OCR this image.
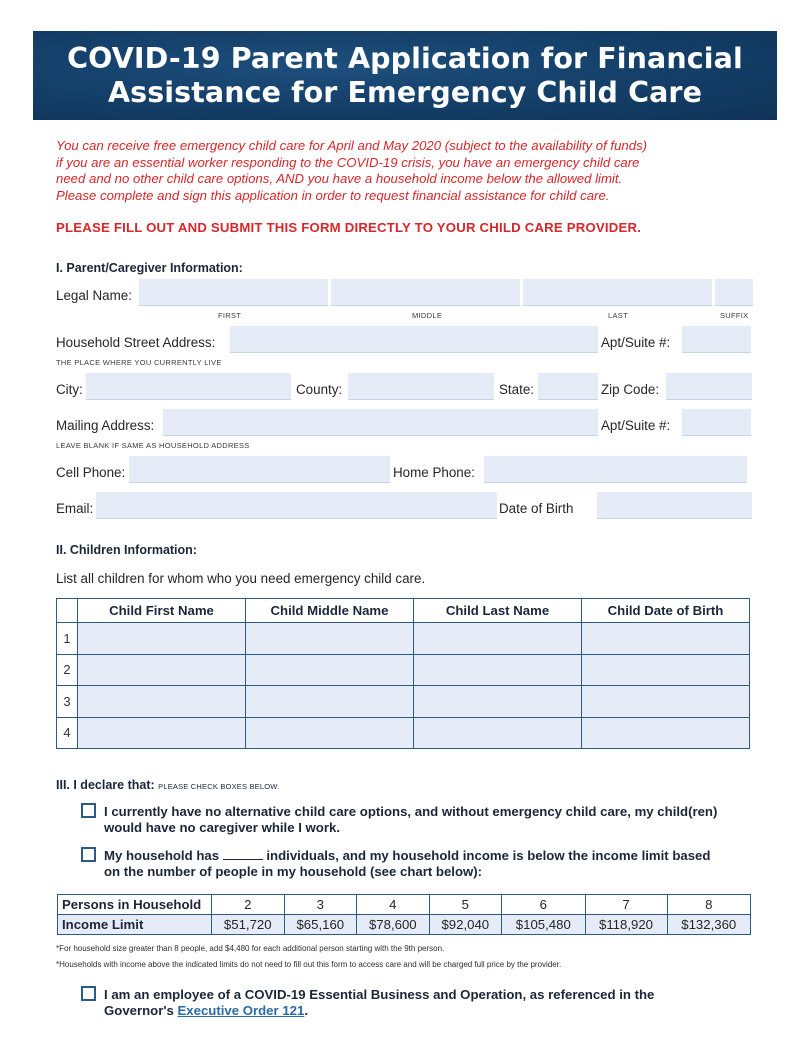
COVID-19 Parent Application for Financial
Assistance for Emergency Child Care
You can receive free emergency child care for April and May 2020 (subject to the availability of funds)
if you are an essential worker responding to the COVID-19 crisis, you have an emergency child care
need and no other child care options, AND you have a household income below the allowed limit.
Please complete and sign this application in order to request financial assistance for child care.
PLEASE FILL OUT AND SUBMIT THIS FORM DIRECTLY TO YOUR CHILD CARE PROVIDER.
I. Parent/Caregiver Information:
Legal Name:
FIRST	MIDDLE	LAST	SUFFIX
Household Street Address:	Apt/Suite #:
THE PLACE WHERE YOU CURRENTLY LIVE
City:	County:	State:	Zip Code:
Mailing Address:	Apt/Suite #:
LEAVE BLANK IF SAME AS HOUSEHOLD ADDRESS
Cell Phone:	Home Phone:
Email:	Date of Birth
II. Children Information:
List all children for whom who you need emergency child care.
	Child First Name	Child Middle Name	Child Last Name	Child Date of Birth
1				
2				
3				
4				
III. I declare that: PLEASE CHECK BOXES BELOW.
I currently have no alternative child care options, and without emergency child care, my child(ren)
would have no caregiver while I work.
My household has	individuals, and my household income is below the income limit based
on the number of people in my household (see chart below):
Persons in Household	2	3	4	5	6	7	8
Income Limit	$51,720	$65,160	$78,600	$92,040	$105,480	$118,920	$132,360
*For household size greater than 8 people, add $4,480 for each additional person starting with the 9th person.
*Households with income above the indicated limits do not need to fill out this form to access care and will be charged full price by the provider.
I am an employee of a COVID-19 Essential Business and Operation, as referenced in the
Governor's Executive Order 121.
